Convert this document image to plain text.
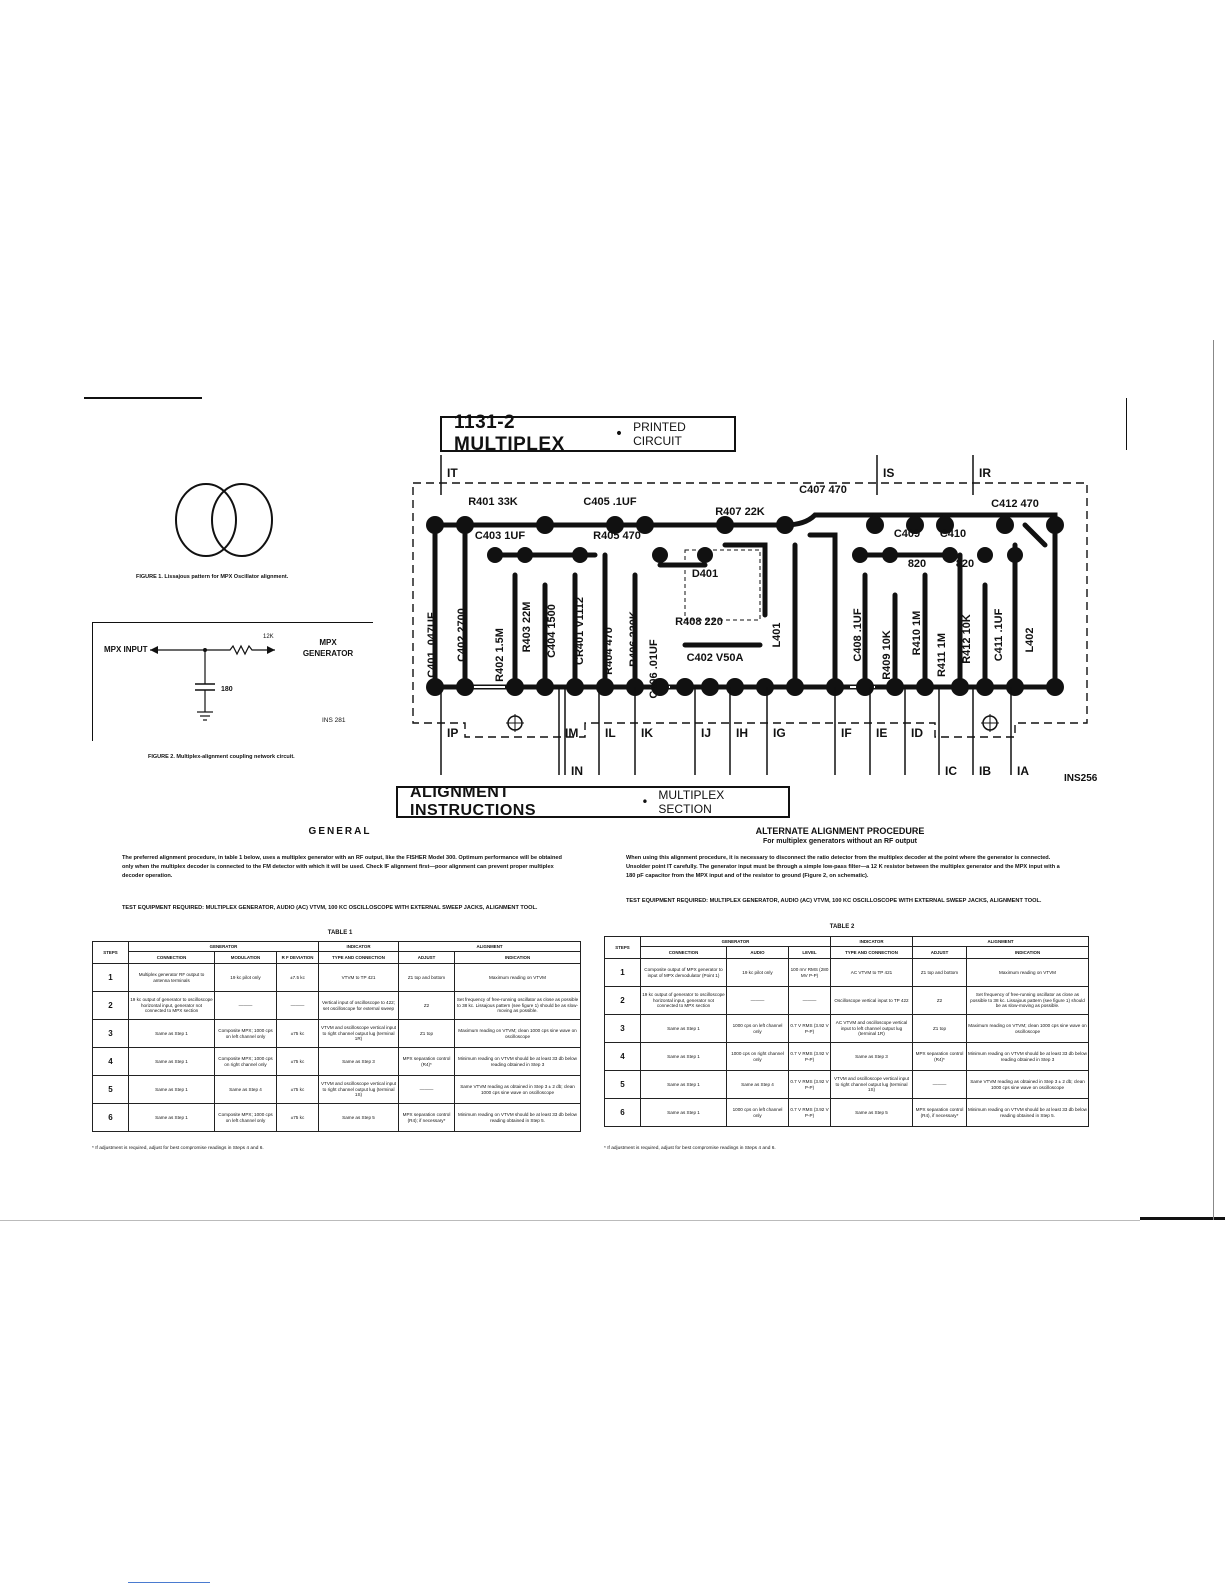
FIGURE 1. Lissajous pattern for MPX Oscillator alignment.
MPX INPUT
12K
MPX
GENERATOR
180
INS 281
FIGURE 2. Multiplex-alignment coupling network circuit.
1131-2 MULTIPLEX	• PRINTED CIRCUIT
IT	IS	IR
IP
IN
IM IL IK	IJ IH IG	IF IE ID
IC IB IA
R401 33K	C405 .1UF
R407 22K
C407 470
C412 470
C403 1UF	R405 470	C409 C410
D401
L401	L402
C401 .047UF C402 2700 R402 1.5M
R403 22M C404 1500 CR401 V1112 R404 470 R406 220K
C406 .01UF
R408 220
C402 V50A	C408 .1UF R409 10K R410 1M R411 1M R412 10K C411 .1UF
820	820
INS256
ALIGNMENT INSTRUCTIONS	• MULTIPLEX SECTION
GENERAL
The preferred alignment procedure, in table 1 below, uses a multiplex generator with an RF output, like the FISHER Model 300. Optimum performance will be obtained only when the multiplex decoder is connected to the FM detector with which it will be used. Check IF alignment first—poor alignment can prevent proper multiplex decoder operation.
TEST EQUIPMENT REQUIRED: MULTIPLEX GENERATOR, AUDIO (AC) VTVM, 100 KC OSCILLOSCOPE WITH EXTERNAL SWEEP JACKS, ALIGNMENT TOOL.
TABLE 1
STEPS	GENERATOR			INDICATOR	ALIGNMENT	
	CONNECTION	MODULATION	R F DEVIATION	TYPE AND CONNECTION	ADJUST	INDICATION
1	Multiplex generator RF output to antenna terminals	19 kc pilot only	±7.5 kc	VTVM to TP 421	Z1 top and bottom	Maximum reading on VTVM
2	19 kc output of generator to oscilloscope horizontal input, generator not connected to MPX section	———	———	Vertical input of oscilloscope to 422; set oscilloscope for external sweep	Z2	Set frequency of free-running oscillator as close as possible to 38 kc. Lissajous pattern (see figure 1) should be as slow-moving as possible.
3	Same as Step 1	Composite MPX; 1000 cps on left channel only	±75 kc	VTVM and oscilloscope vertical input to right channel output lug (terminal 1R)	Z1 top	Maximum reading on VTVM; clean 1000 cps sine wave on oscilloscope
4	Same as Step 1	Composite MPX; 1000 cps on right channel only	±75 kc	Same as Step 3	MPX separation control (R4)*	Minimum reading on VTVM should be at least 33 db below reading obtained in Step 3
5	Same as Step 1	Same as Step 4	±75 kc	VTVM and oscilloscope vertical input to right channel output lug (terminal 1S)	———	Same VTVM reading as obtained in Step 3 ± 2 db; clean 1000 cps sine wave on oscilloscope
6	Same as Step 1	Composite MPX; 1000 cps on left channel only	±75 kc	Same as Step 5	MPX separation control (R4); if necessary*	Minimum reading on VTVM should be at least 33 db below reading obtained in Step 5.
* If adjustment is required, adjust for best compromise readings in Steps 4 and 6.
ALTERNATE ALIGNMENT PROCEDURE
For multiplex generators without an RF output
When using this alignment procedure, it is necessary to disconnect the ratio detector from the multiplex decoder at the point where the generator is connected. Unsolder point IT carefully. The generator input must be through a simple low-pass filter—a 12 K resistor between the multiplex generator and the MPX input with a 180 pF capacitor from the MPX input and of the resistor to ground (Figure 2, on schematic).
TEST EQUIPMENT REQUIRED: MULTIPLEX GENERATOR, AUDIO (AC) VTVM, 100 KC OSCILLOSCOPE WITH EXTERNAL SWEEP JACKS, ALIGNMENT TOOL.
TABLE 2
STEPS	GENERATOR			INDICATOR	ALIGNMENT	
	CONNECTION	AUDIO	LEVEL	TYPE AND CONNECTION	ADJUST	INDICATION
1	Composite output of MPX generator to input of MPX demodulator (Point 1)	19 kc pilot only	100 mV RMS (280 MV P-P)	AC VTVM to TP 421	Z1 top and bottom	Maximum reading on VTVM
2	19 kc output of generator to oscilloscope horizontal input, generator not connected to MPX section	———	———	Oscilloscope vertical input to TP 422	Z2	Set frequency of free-running oscillator as close as possible to 38 kc. Lissajous pattern (see figure 1) should be as slow-moving as possible.
3	Same as Step 1	1000 cps on left channel only	0.7 V RMS (3.92 V P-P)	AC VTVM and oscilloscope vertical input to left channel output lug (terminal 1R)	Z1 top	Maximum reading on VTVM; clean 1000 cps sine wave on oscilloscope
4	Same as Step 1	1000 cps on right channel only	0.7 V RMS (3.92 V P-P)	Same as Step 3	MPX separation control (R4)*	Minimum reading on VTVM should be at least 33 db below reading obtained in Step 3
5	Same as Step 1	Same as Step 4	0.7 V RMS (3.92 V P-P)	VTVM and oscilloscope vertical input to right channel output lug (terminal 1S)	———	Same VTVM reading as obtained in Step 3 ± 2 db; clean 1000 cps sine wave on oscilloscope
6	Same as Step 1	1000 cps on left channel only	0.7 V RMS (3.92 V P-P)	Same as Step 5	MPX separation control (R4), if necessary*	Minimum reading on VTVM should be at least 33 db below reading obtained in Step 5.
* If adjustment is required, adjust for best compromise readings in Steps 4 and 6.
